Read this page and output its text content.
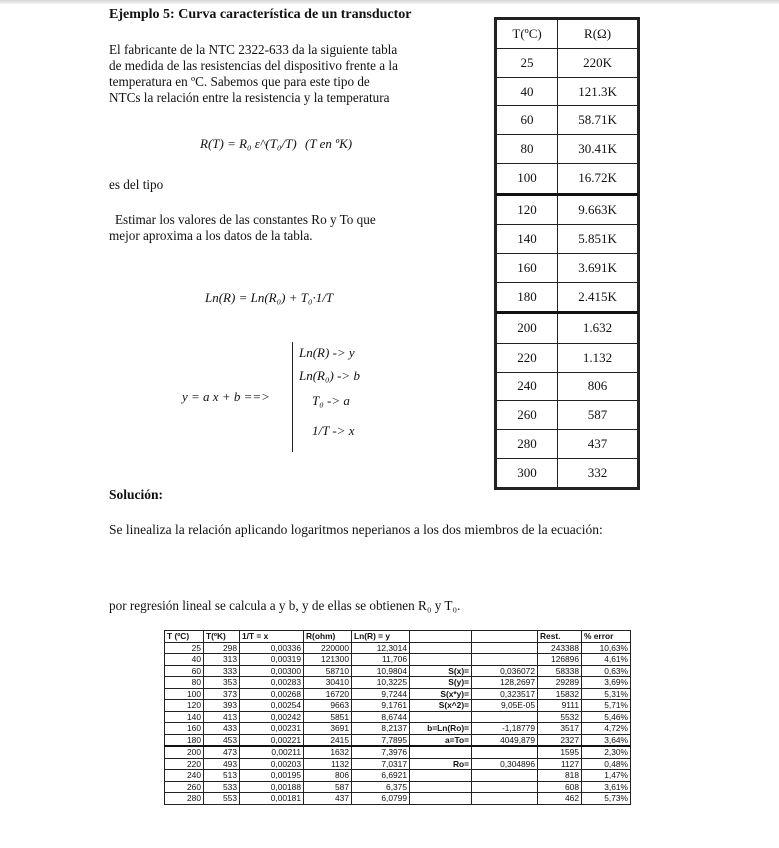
Ejemplo 5: Curva característica de un transductor
El fabricante de la NTC 2322-633 da la siguiente tabla
de medida de las resistencias del dispositivo frente a la
temperatura en ºC. Sabemos que para este tipo de
NTCs la relación entre la resistencia y la temperatura
R(T) = R₀ ε^(T₀/T) (T en ºK)
es del tipo
Estimar los valores de las constantes Ro y To que
mejor aproxima a los datos de la tabla.
Ln(R) = Ln(R₀) + T₀·1/T
y = a x + b ==>
Ln(R) -> y
Ln(R₀) -> b
T₀ -> a
1/T -> x
T(ºC)	R(Ω)
25	220K
40	121.3K
60	58.71K
80	30.41K
100	16.72K
120	9.663K
140	5.851K
160	3.691K
180	2.415K
200	1.632
220	1.132
240	806
260	587
280	437
300	332
Solución:
Se linealiza la relación aplicando logaritmos neperianos a los dos miembros de la ecuación:
por regresión lineal se calcula a y b, y de ellas se obtienen R₀ y T₀.
T (ºC)	T(ºK)	1/T = x	R(ohm)	Ln(R) = y			Rest.	% error
25	298	0,00336	220000	12,3014			243388	10,63%
40	313	0,00319	121300	11,706			126896	4,61%
60	333	0,00300	58710	10,9804	S(x)=	0,036072	58338	0,63%
80	353	0,00283	30410	10,3225	S(y)=	128,2697	29289	3,69%
100	373	0,00268	16720	9,7244	S(x*y)=	0,323517	15832	5,31%
120	393	0,00254	9663	9,1761	S(x^2)=	9,05E-05	9111	5,71%
140	413	0,00242	5851	8,6744			5532	5,46%
160	433	0,00231	3691	8,2137	b=Ln(Ro)=	-1,18779	3517	4,72%
180	453	0,00221	2415	7,7895	a=To=	4049,879	2327	3,64%
200	473	0,00211	1632	7,3976			1595	2,30%
220	493	0,00203	1132	7,0317	Ro=	0,304896	1127	0,48%
240	513	0,00195	806	6,6921			818	1,47%
260	533	0,00188	587	6,375			608	3,61%
280	553	0,00181	437	6,0799			462	5,73%
